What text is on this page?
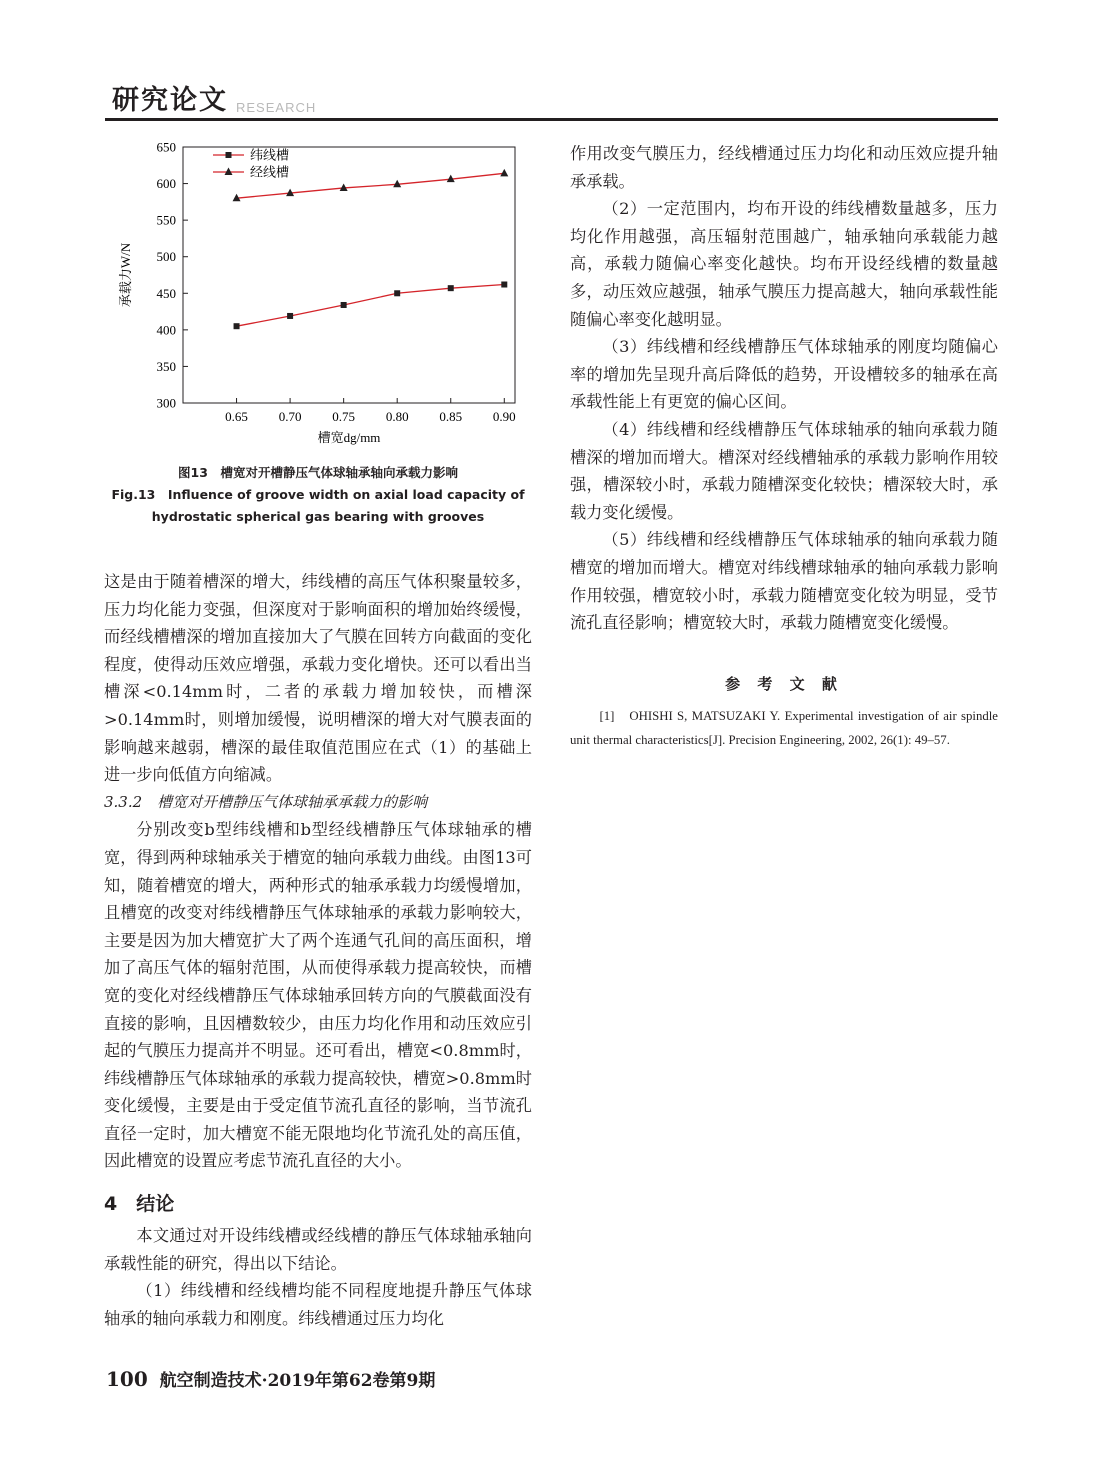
研究论文 RESEARCH
300
350
400
450
500
550
600
650
0.65 0.70 0.75 0.80 0.85 0.90
承载力W/N
槽宽dg/mm
纬线槽
经线槽
图13　槽宽对开槽静压气体球轴承轴向承载力影响
Fig.13　Influence of groove width on axial load capacity of
hydrostatic spherical gas bearing with grooves

这是由于随着槽深的增大，纬线槽的高压气体积聚量较多，压力均化能力变强，但深度对于影响面积的增加始终缓慢，而经线槽槽深的增加直接加大了气膜在回转方向截面的变化程度，使得动压效应增强，承载力变化增快。还可以看出当槽深<0.14mm时，二者的承载力增加较快，而槽深>0.14mm时，则增加缓慢，说明槽深的增大对气膜表面的影响越来越弱，槽深的最佳取值范围应在式（1）的基础上进一步向低值方向缩减。

3.3.2　槽宽对开槽静压气体球轴承承载力的影响

分别改变b型纬线槽和b型经线槽静压气体球轴承的槽宽，得到两种球轴承关于槽宽的轴向承载力曲线。由图13可知，随着槽宽的增大，两种形式的轴承承载力均缓慢增加，且槽宽的改变对纬线槽静压气体球轴承的承载力影响较大，主要是因为加大槽宽扩大了两个连通气孔间的高压面积，增加了高压气体的辐射范围，从而使得承载力提高较快，而槽宽的变化对经线槽静压气体球轴承回转方向的气膜截面没有直接的影响，且因槽数较少，由压力均化作用和动压效应引起的气膜压力提高并不明显。还可看出，槽宽<0.8mm时，纬线槽静压气体球轴承的承载力提高较快，槽宽>0.8mm时变化缓慢，主要是由于受定值节流孔直径的影响，当节流孔直径一定时，加大槽宽不能无限地均化节流孔处的高压值，因此槽宽的设置应考虑节流孔直径的大小。

4　结论

本文通过对开设纬线槽或经线槽的静压气体球轴承轴向承载性能的研究，得出以下结论。

（1）纬线槽和经线槽均能不同程度地提升静压气体球轴承的轴向承载力和刚度。纬线槽通过压力均化

作用改变气膜压力，经线槽通过压力均化和动压效应提升轴承承载。

（2）一定范围内，均布开设的纬线槽数量越多，压力均化作用越强，高压辐射范围越广，轴承轴向承载能力越高，承载力随偏心率变化越快。均布开设经线槽的数量越多，动压效应越强，轴承气膜压力提高越大，轴向承载性能随偏心率变化越明显。

（3）纬线槽和经线槽静压气体球轴承的刚度均随偏心率的增加先呈现升高后降低的趋势，开设槽较多的轴承在高承载性能上有更宽的偏心区间。

（4）纬线槽和经线槽静压气体球轴承的轴向承载力随槽深的增加而增大。槽深对经线槽轴承的承载力影响作用较强，槽深较小时，承载力随槽深变化较快；槽深较大时，承载力变化缓慢。

（5）纬线槽和经线槽静压气体球轴承的轴向承载力随槽宽的增加而增大。槽宽对纬线槽球轴承的轴向承载力影响作用较强，槽宽较小时，承载力随槽宽变化较为明显，受节流孔直径影响；槽宽较大时，承载力随槽宽变化缓慢。

参 考 文 献

[1]　OHISHI S, MATSUZAKI Y. Experimental investigation of air spindle unit thermal characteristics[J]. Precision Engineering, 2002, 26(1): 49–57.

100 航空制造技术·2019年第62卷第9期
